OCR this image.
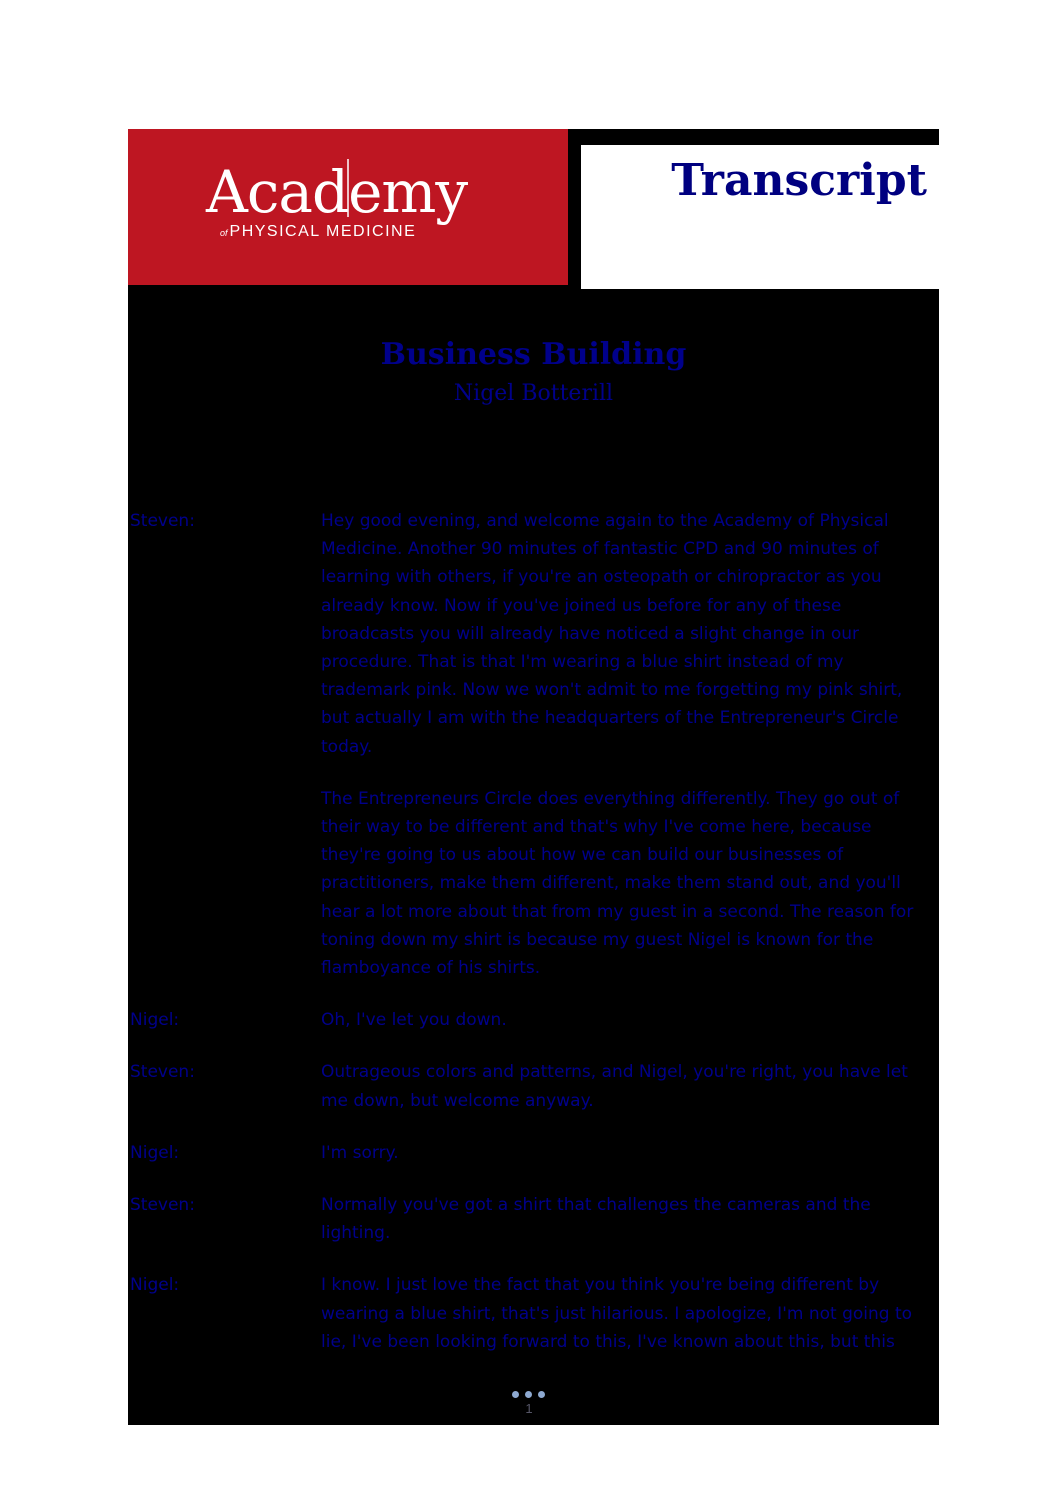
Academy
of PHYSICAL MEDICINE
Transcript
Business Building
Nigel Botterill
Steven:	Hey good evening, and welcome again to the Academy of Physical Medicine. Another 90 minutes of fantastic CPD and 90 minutes of learning with others, if you're an osteopath or chiropractor as you already know. Now if you've joined us before for any of these broadcasts you will already have noticed a slight change in our procedure. That is that I'm wearing a blue shirt instead of my trademark pink. Now we won't admit to me forgetting my pink shirt, but actually I am with the headquarters of the Entrepreneur's Circle today.

The Entrepreneurs Circle does everything differently. They go out of their way to be different and that's why I've come here, because they're going to us about how we can build our businesses of practitioners, make them different, make them stand out, and you'll hear a lot more about that from my guest in a second. The reason for toning down my shirt is because my guest Nigel is known for the flamboyance of his shirts.

Nigel:	Oh, I've let you down.

Steven:	Outrageous colors and patterns, and Nigel, you're right, you have let me down, but welcome anyway.

Nigel:	I'm sorry.

Steven:	Normally you've got a shirt that challenges the cameras and the lighting.

Nigel:	I know. I just love the fact that you think you're being different by wearing a blue shirt, that's just hilarious. I apologize, I'm not going to lie, I've been looking forward to this, I've known about this, but this

1
